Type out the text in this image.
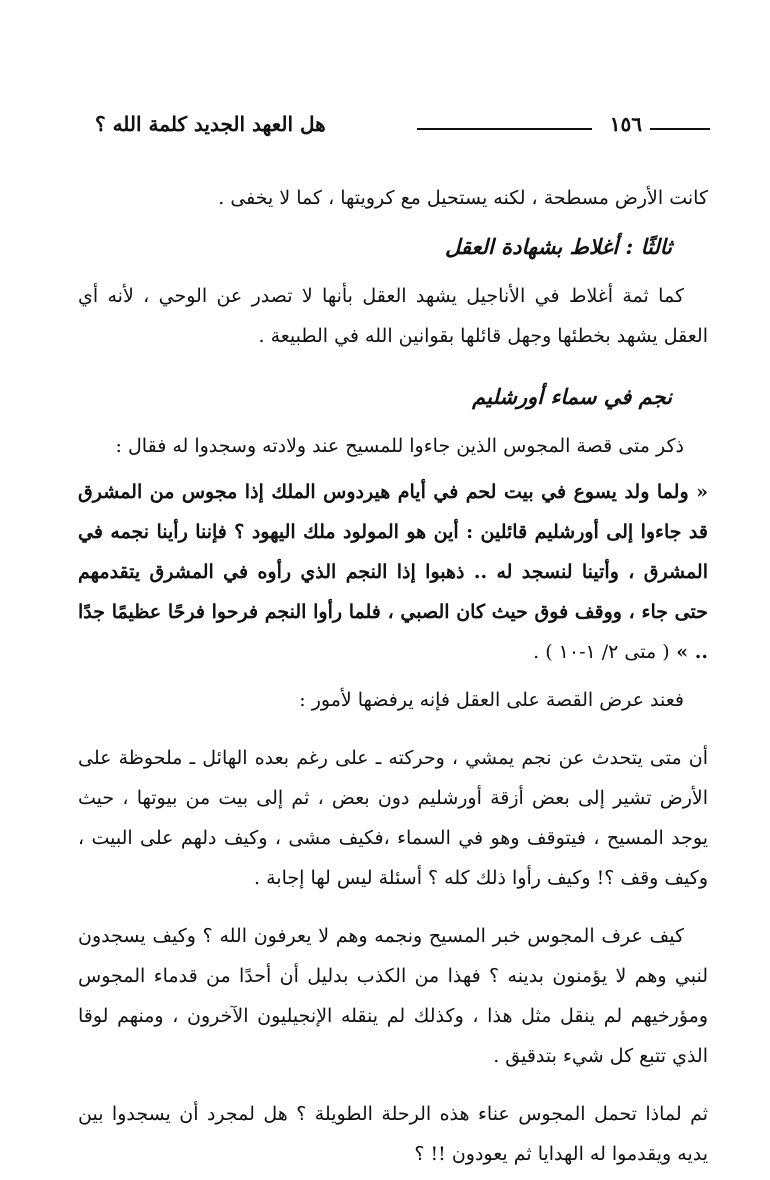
١٥٦
هل العهد الجديد كلمة الله ؟

كانت الأرض مسطحة ، لكنه يستحيل مع كرويتها ، كما لا يخفى .

ثالثًا : أغلاط بشهادة العقل

كما ثمة أغلاط في الأناجيل يشهد العقل بأنها لا تصدر عن الوحي ، لأنه أي العقل يشهد بخطئها وجهل قائلها بقوانين الله في الطبيعة .

نجم في سماء أورشليم

ذكر متى قصة المجوس الذين جاءوا للمسيح عند ولادته وسجدوا له فقال :

« ولما ولد يسوع في بيت لحم في أيام هيردوس الملك إذا مجوس من المشرق قد جاءوا إلى أورشليم قائلين : أين هو المولود ملك اليهود ؟ فإننا رأينا نجمه في المشرق ، وأتينا لنسجد له .. ذهبوا إذا النجم الذي رأوه في المشرق يتقدمهم حتى جاء ، ووقف فوق حيث كان الصبي ، فلما رأوا النجم فرحوا فرحًا عظيمًا جدًا .. » ( متى ٢/ ١-١٠ ) .

فعند عرض القصة على العقل فإنه يرفضها لأمور :

أن متى يتحدث عن نجم يمشي ، وحركته ـ على رغم بعده الهائل ـ ملحوظة على الأرض تشير إلى بعض أزقة أورشليم دون بعض ، ثم إلى بيت من بيوتها ، حيث يوجد المسيح ، فيتوقف وهو في السماء ،فكيف مشى ، وكيف دلهم على البيت ، وكيف وقف ؟! وكيف رأوا ذلك كله ؟ أسئلة ليس لها إجابة .

كيف عرف المجوس خبر المسيح ونجمه وهم لا يعرفون الله ؟ وكيف يسجدون لنبي وهم لا يؤمنون بدينه ؟ فهذا من الكذب بدليل أن أحدًا من قدماء المجوس ومؤرخيهم لم ينقل مثل هذا ، وكذلك لم ينقله الإنجيليون الآخرون ، ومنهم لوقا الذي تتبع كل شيء بتدقيق .

ثم لماذا تحمل المجوس عناء هذه الرحلة الطويلة ؟ هل لمجرد أن يسجدوا بين يديه ويقدموا له الهدايا ثم يعودون !! ؟
